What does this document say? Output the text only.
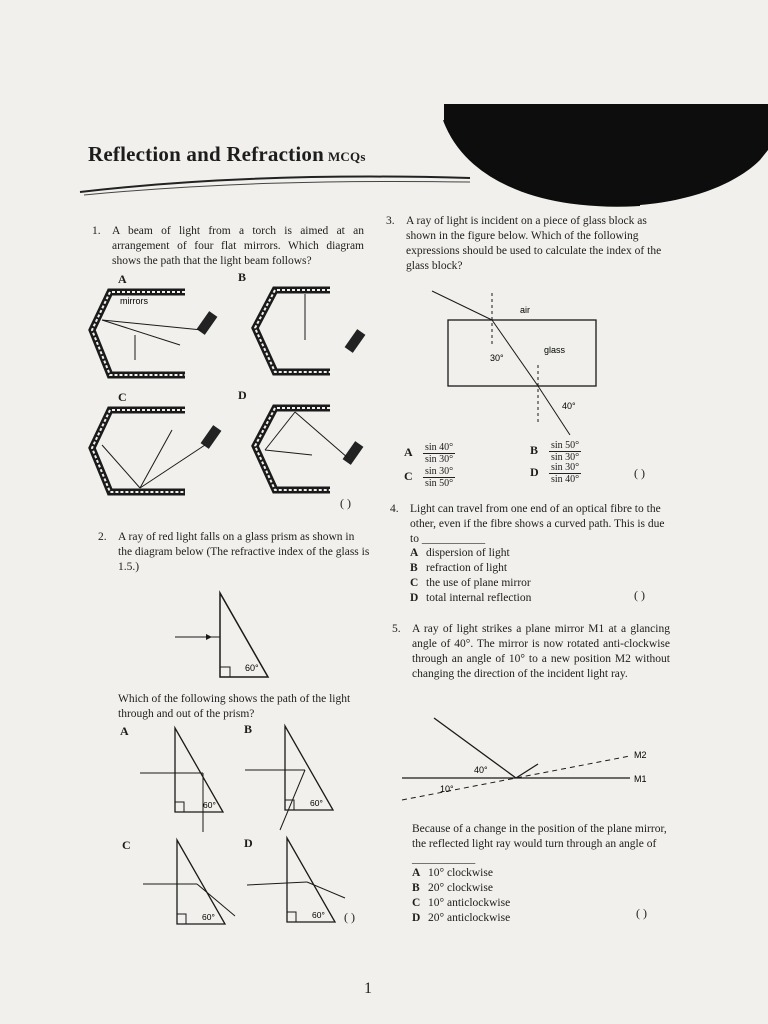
Reflection and Refraction MCQs
1. A beam of light from a torch is aimed at an arrangement of four flat mirrors. Which diagram shows the path that the light beam follows?
A	B
C	D
mirrors
( )
2. A ray of red light falls on a glass prism as shown in the diagram below (The refractive index of the glass is 1.5.)
60°
Which of the following shows the path of the light through and out of the prism?
A	B
C	D
60°	60°
60°	60° ( )
3. A ray of light is incident on a piece of glass block as shown in the figure below. Which of the following expressions should be used to calculate the index of the glass block?
air
glass
30°
40°
A $\frac{\sin 40^\circ}{\sin 30^\circ}$	B $\frac{\sin 50^\circ}{\sin 30^\circ}$
C $\frac{\sin 30^\circ}{\sin 50^\circ}$	D $\frac{\sin 30^\circ}{\sin 40^\circ}$	( )
4. Light can travel from one end of an optical fibre to the other, even if the fibre shows a curved path. This is due to ___________
A dispersion of light
B refraction of light
C the use of plane mirror
D total internal reflection	( )
5. A ray of light strikes a plane mirror M1 at a glancing angle of 40°. The mirror is now rotated anti-clockwise through an angle of 10° to a new position M2 without changing the direction of the incident light ray.
40°
10°
M2
M1
Because of a change in the position of the plane mirror, the reflected light ray would turn through an angle of ___________
A 10° clockwise
B 20° clockwise
C 10° anticlockwise
D 20° anticlockwise	( )
1
